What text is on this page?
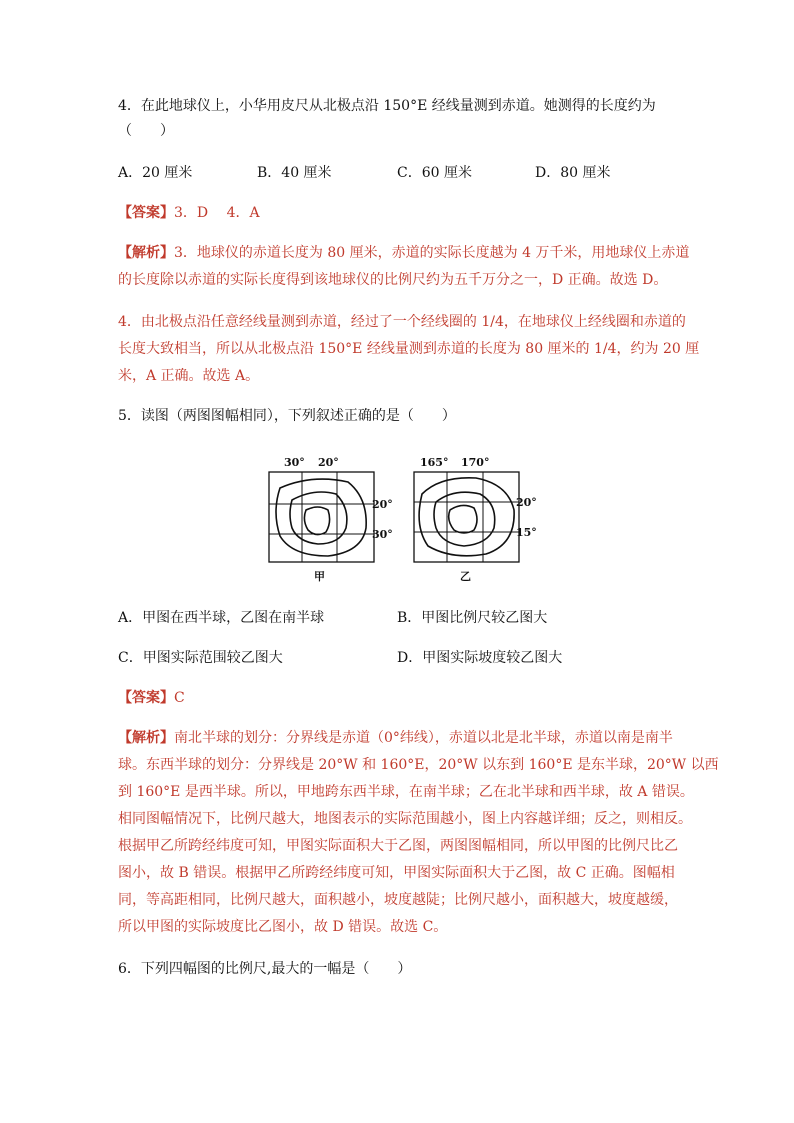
4．在此地球仪上，小华用皮尺从北极点沿 150°E 经线量测到赤道。她测得的长度约为
（　　）
A．20 厘米	B．40 厘米	C．60 厘米	D．80 厘米
【答案】3．D　 4．A
【解析】3．地球仪的赤道长度为 80 厘米，赤道的实际长度越为 4 万千米，用地球仪上赤道
的长度除以赤道的实际长度得到该地球仪的比例尺约为五千万分之一，D 正确。故选 D。
4．由北极点沿任意经线量测到赤道，经过了一个经线圈的 1/4，在地球仪上经线圈和赤道的
长度大致相当，所以从北极点沿 150°E 经线量测到赤道的长度为 80 厘米的 1/4，约为 20 厘
米，A 正确。故选 A。
5．读图（两图图幅相同），下列叙述正确的是（　　）
30° 20°
20°
30°
甲
165° 170°
20°
15°
乙
A．甲图在西半球，乙图在南半球	B．甲图比例尺较乙图大
C．甲图实际范围较乙图大	D．甲图实际坡度较乙图大
【答案】C
【解析】南北半球的划分：分界线是赤道（0°纬线），赤道以北是北半球，赤道以南是南半
球。东西半球的划分：分界线是 20°W 和 160°E，20°W 以东到 160°E 是东半球，20°W 以西
到 160°E 是西半球。所以，甲地跨东西半球，在南半球；乙在北半球和西半球，故 A 错误。
相同图幅情况下，比例尺越大，地图表示的实际范围越小，图上内容越详细；反之，则相反。
根据甲乙所跨经纬度可知，甲图实际面积大于乙图，两图图幅相同，所以甲图的比例尺比乙
图小，故 B 错误。根据甲乙所跨经纬度可知，甲图实际面积大于乙图，故 C 正确。图幅相
同，等高距相同，比例尺越大，面积越小，坡度越陡；比例尺越小，面积越大，坡度越缓，
所以甲图的实际坡度比乙图小，故 D 错误。故选 C。
6．下列四幅图的比例尺,最大的一幅是（　　）
